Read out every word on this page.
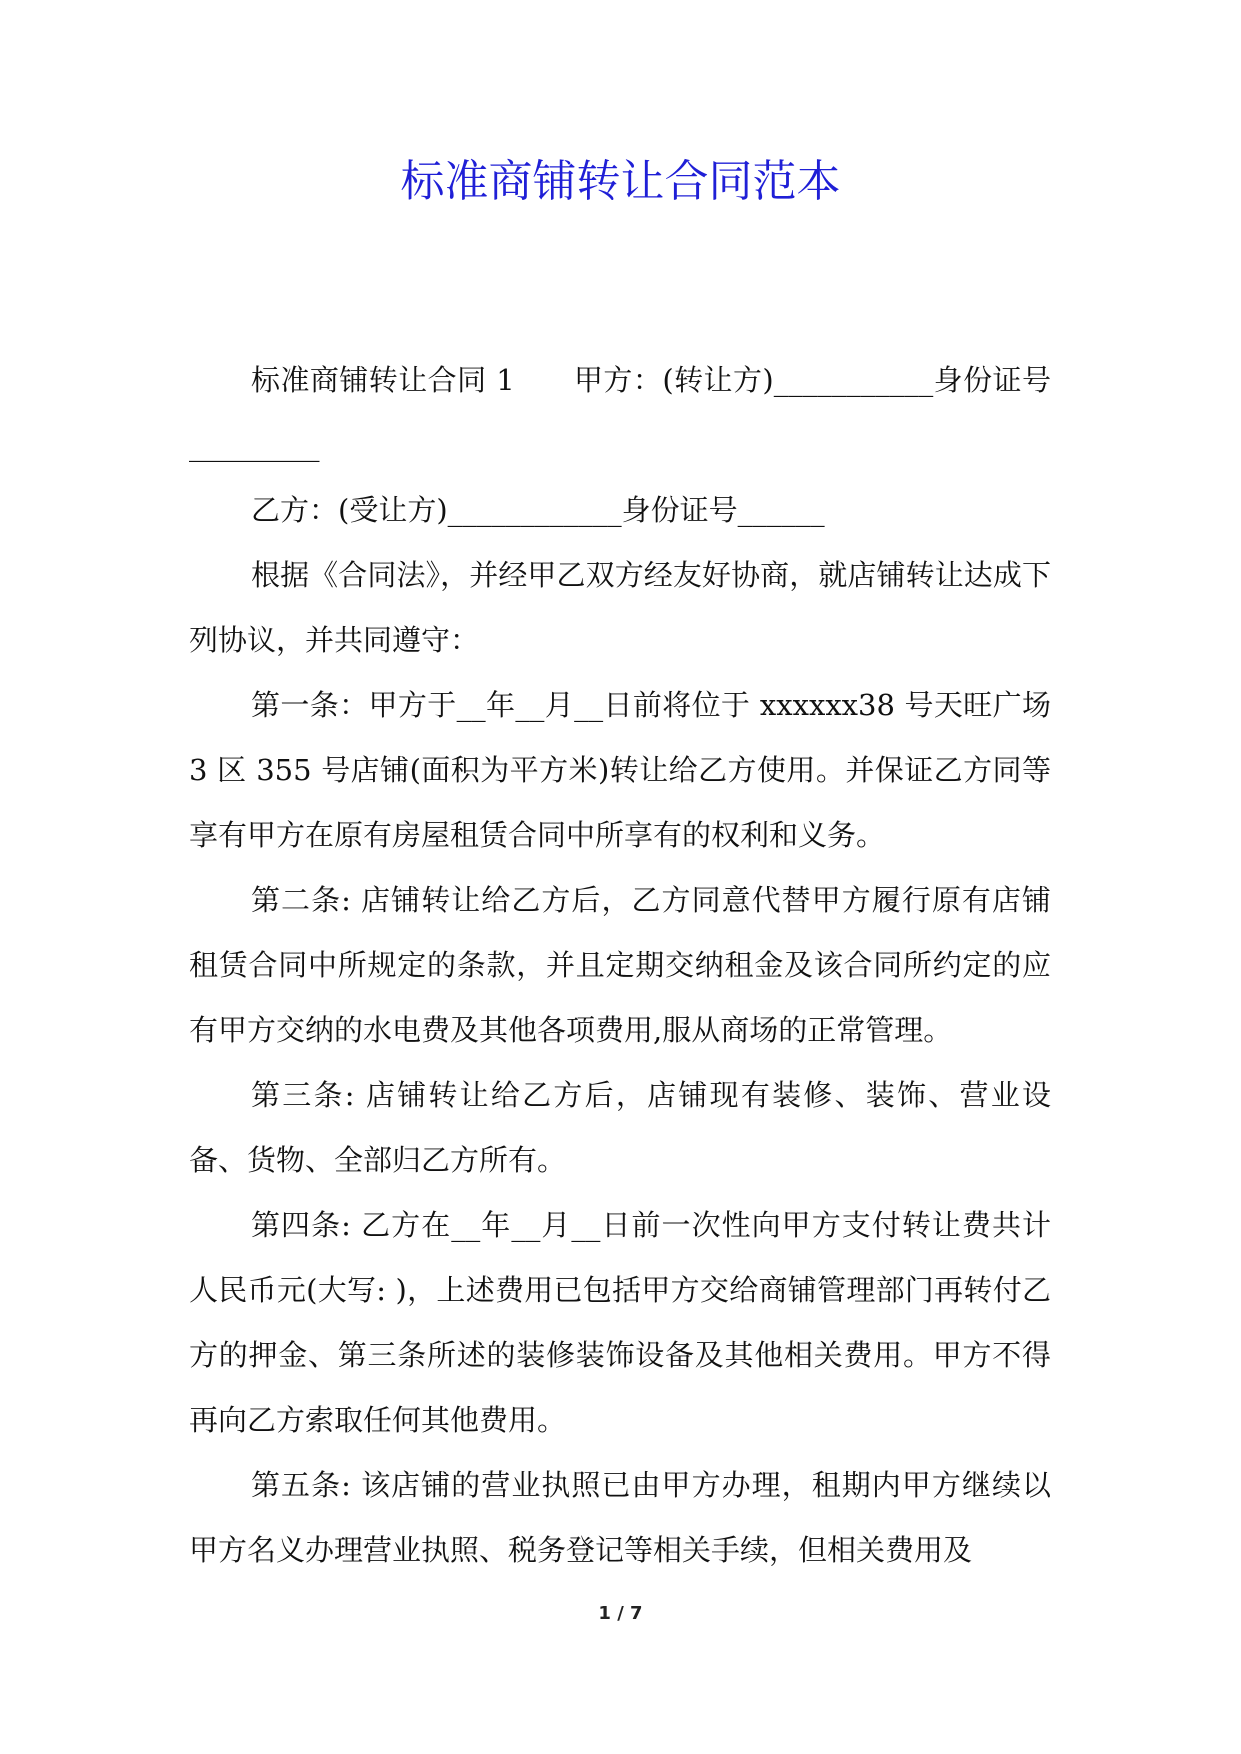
标准商铺转让合同范本

标准商铺转让合同 1　　甲方：(转让方)___________身份证号_________

乙方：(受让方)____________身份证号______

根据《合同法》，并经甲乙双方经友好协商，就店铺转让达成下列协议，并共同遵守：

第一条：甲方于__年__月__日前将位于 xxxxxx38 号天旺广场 3 区 355 号店铺(面积为平方米)转让给乙方使用。并保证乙方同等享有甲方在原有房屋租赁合同中所享有的权利和义务。

第二条: 店铺转让给乙方后，乙方同意代替甲方履行原有店铺租赁合同中所规定的条款，并且定期交纳租金及该合同所约定的应有甲方交纳的水电费及其他各项费用,服从商场的正常管理。

第三条: 店铺转让给乙方后，店铺现有装修、装饰、营业设备、货物、全部归乙方所有。

第四条: 乙方在__年__月__日前一次性向甲方支付转让费共计人民币元(大写: )，上述费用已包括甲方交给商铺管理部门再转付乙方的押金、第三条所述的装修装饰设备及其他相关费用。甲方不得再向乙方索取任何其他费用。

第五条: 该店铺的营业执照已由甲方办理，租期内甲方继续以甲方名义办理营业执照、税务登记等相关手续，但相关费用及

1 / 7
